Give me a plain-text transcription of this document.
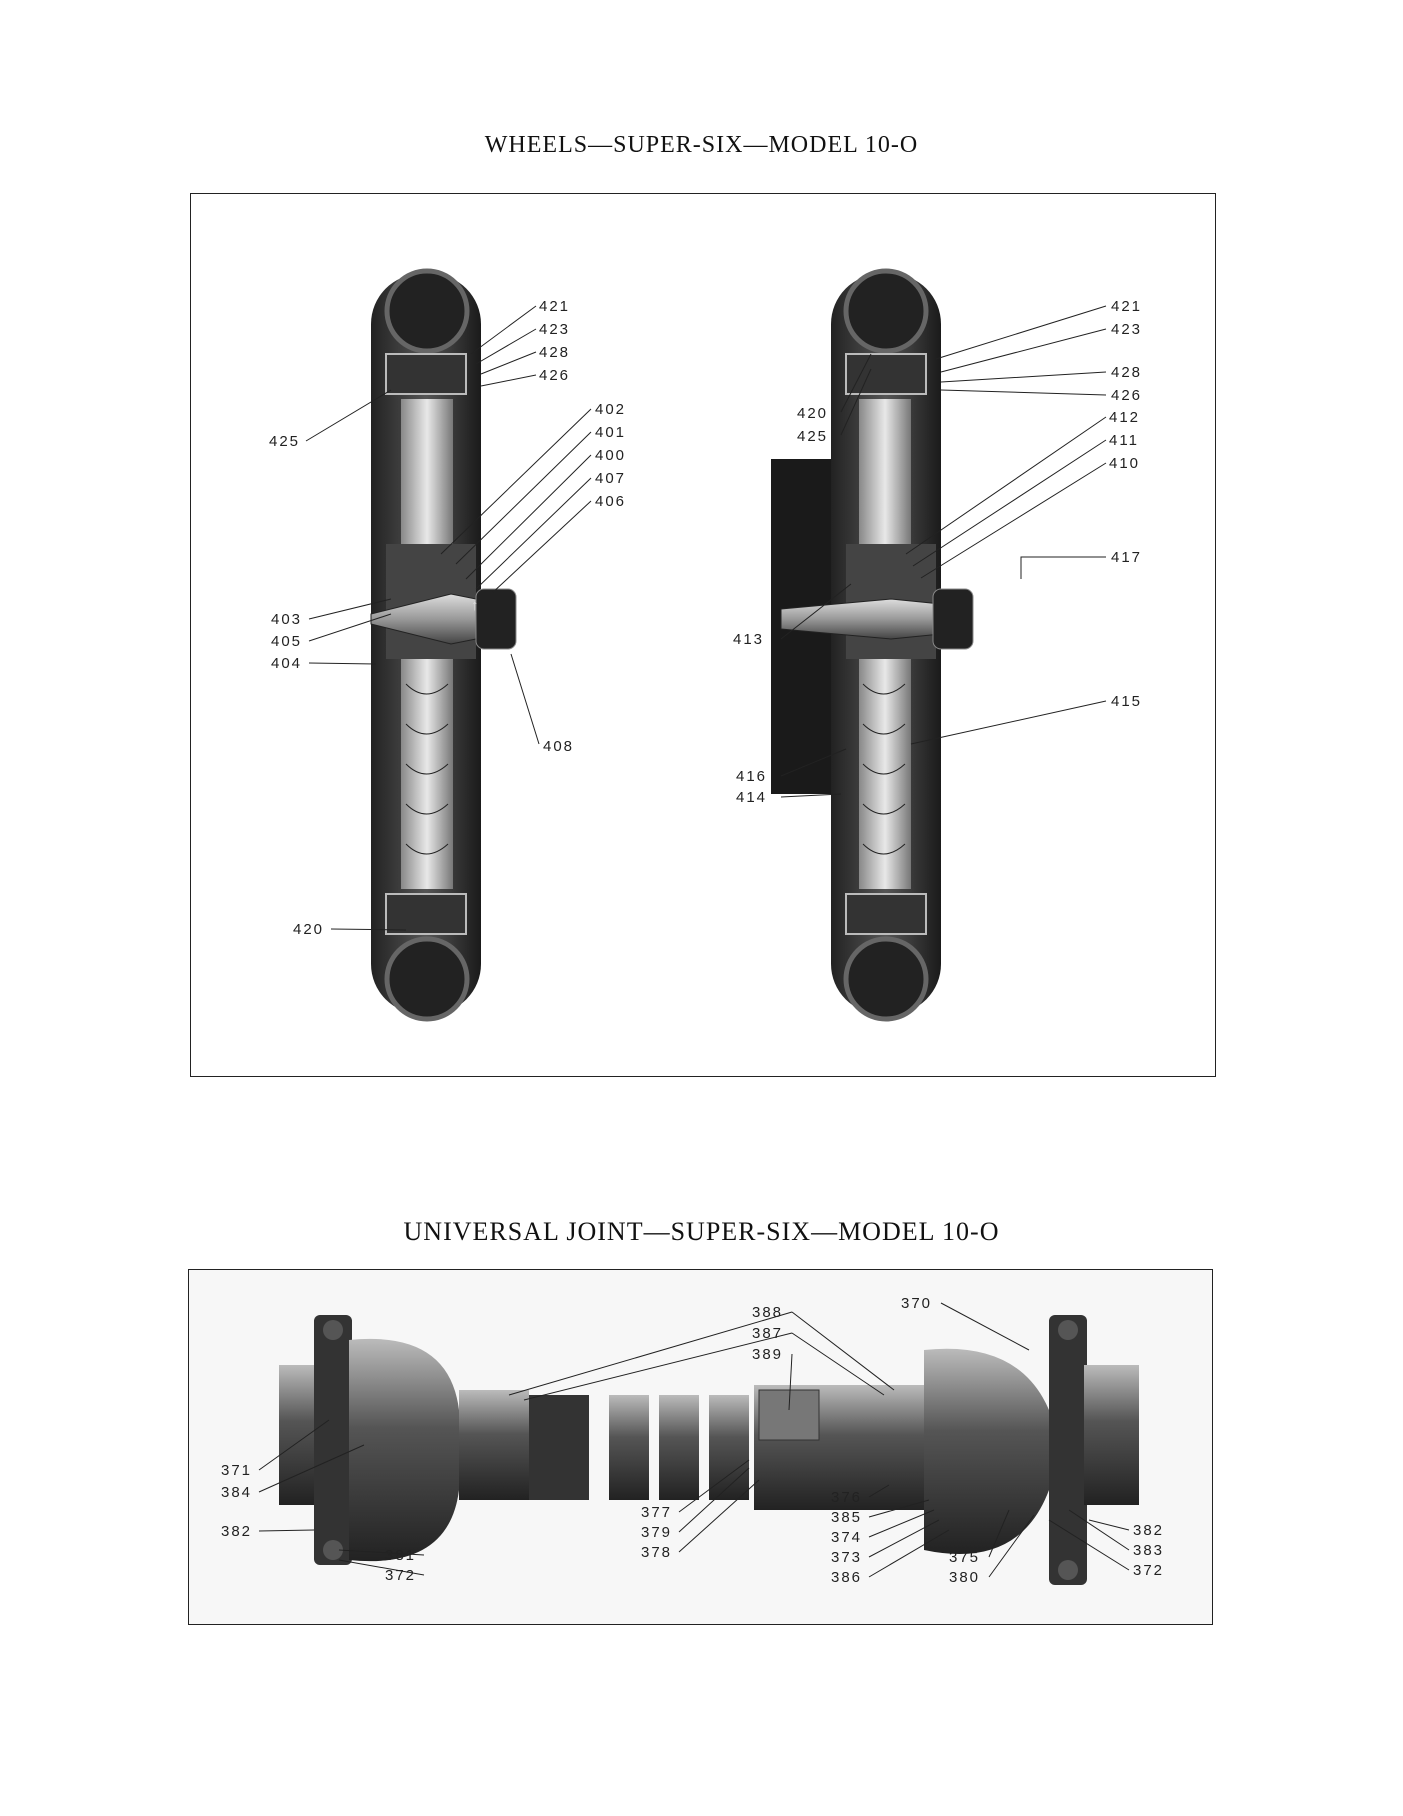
WHEELS—SUPER-SIX—MODEL 10-O
↑
421
423
428
426
425
402
401
400
407
406
403
405
404
408
420
421
423
428
426
420
425
412
411
410
417
413
415
416
414
UNIVERSAL JOINT—SUPER-SIX—MODEL 10-O
388
387
389
370
371
384
382
381
372
377
379
378
376
385
374
373
386
375
380
382
383
372
